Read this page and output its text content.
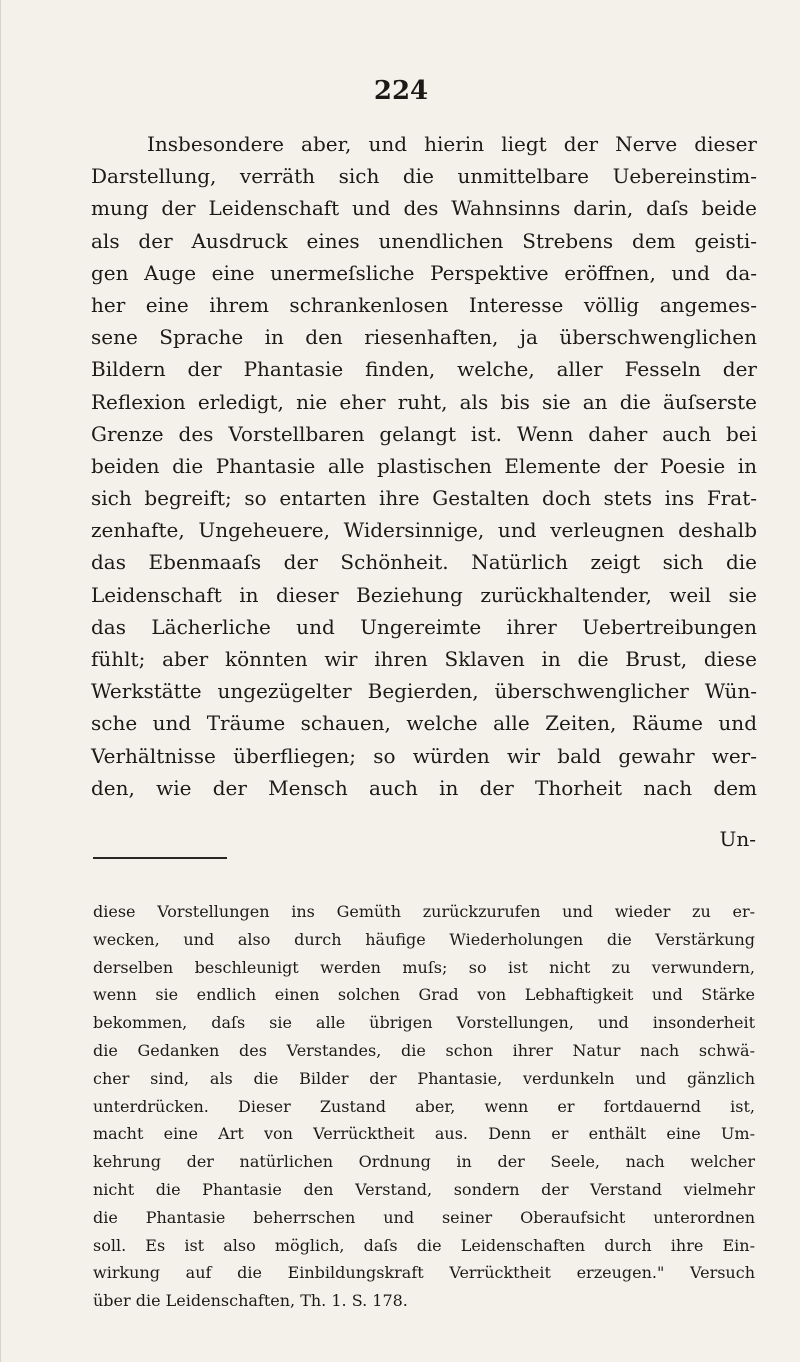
224
Insbesondere aber, und hierin liegt der Nerve dieser
Darstellung, verräth sich die unmittelbare Uebereinstim-
mung der Leidenschaft und des Wahnsinns darin, daſs beide
als der Ausdruck eines unendlichen Strebens dem geisti-
gen Auge eine unermeſsliche Perspektive eröffnen, und da-
her eine ihrem schrankenlosen Interesse völlig angemes-
sene Sprache in den riesenhaften, ja überschwenglichen
Bildern der Phantasie finden, welche, aller Fesseln der
Reflexion erledigt, nie eher ruht, als bis sie an die äuſserste
Grenze des Vorstellbaren gelangt ist. Wenn daher auch bei
beiden die Phantasie alle plastischen Elemente der Poesie in
sich begreift; so entarten ihre Gestalten doch stets ins Frat-
zenhafte, Ungeheuere, Widersinnige, und verleugnen deshalb
das Ebenmaaſs der Schönheit. Natürlich zeigt sich die
Leidenschaft in dieser Beziehung zurückhaltender, weil sie
das Lächerliche und Ungereimte ihrer Uebertreibungen
fühlt; aber könnten wir ihren Sklaven in die Brust, diese
Werkstätte ungezügelter Begierden, überschwenglicher Wün-
sche und Träume schauen, welche alle Zeiten, Räume und
Verhältnisse überfliegen; so würden wir bald gewahr wer-
den, wie der Mensch auch in der Thorheit nach dem
Un-
diese Vorstellungen ins Gemüth zurückzurufen und wieder zu er-
wecken, und also durch häufige Wiederholungen die Verstärkung
derselben beschleunigt werden muſs; so ist nicht zu verwundern,
wenn sie endlich einen solchen Grad von Lebhaftigkeit und Stärke
bekommen, daſs sie alle übrigen Vorstellungen, und insonderheit
die Gedanken des Verstandes, die schon ihrer Natur nach schwä-
cher sind, als die Bilder der Phantasie, verdunkeln und gänzlich
unterdrücken. Dieser Zustand aber, wenn er fortdauernd ist,
macht eine Art von Verrücktheit aus. Denn er enthält eine Um-
kehrung der natürlichen Ordnung in der Seele, nach welcher
nicht die Phantasie den Verstand, sondern der Verstand vielmehr
die Phantasie beherrschen und seiner Oberaufsicht unterordnen
soll. Es ist also möglich, daſs die Leidenschaften durch ihre Ein-
wirkung auf die Einbildungskraft Verrücktheit erzeugen." Versuch
über die Leidenschaften, Th. 1. S. 178.
